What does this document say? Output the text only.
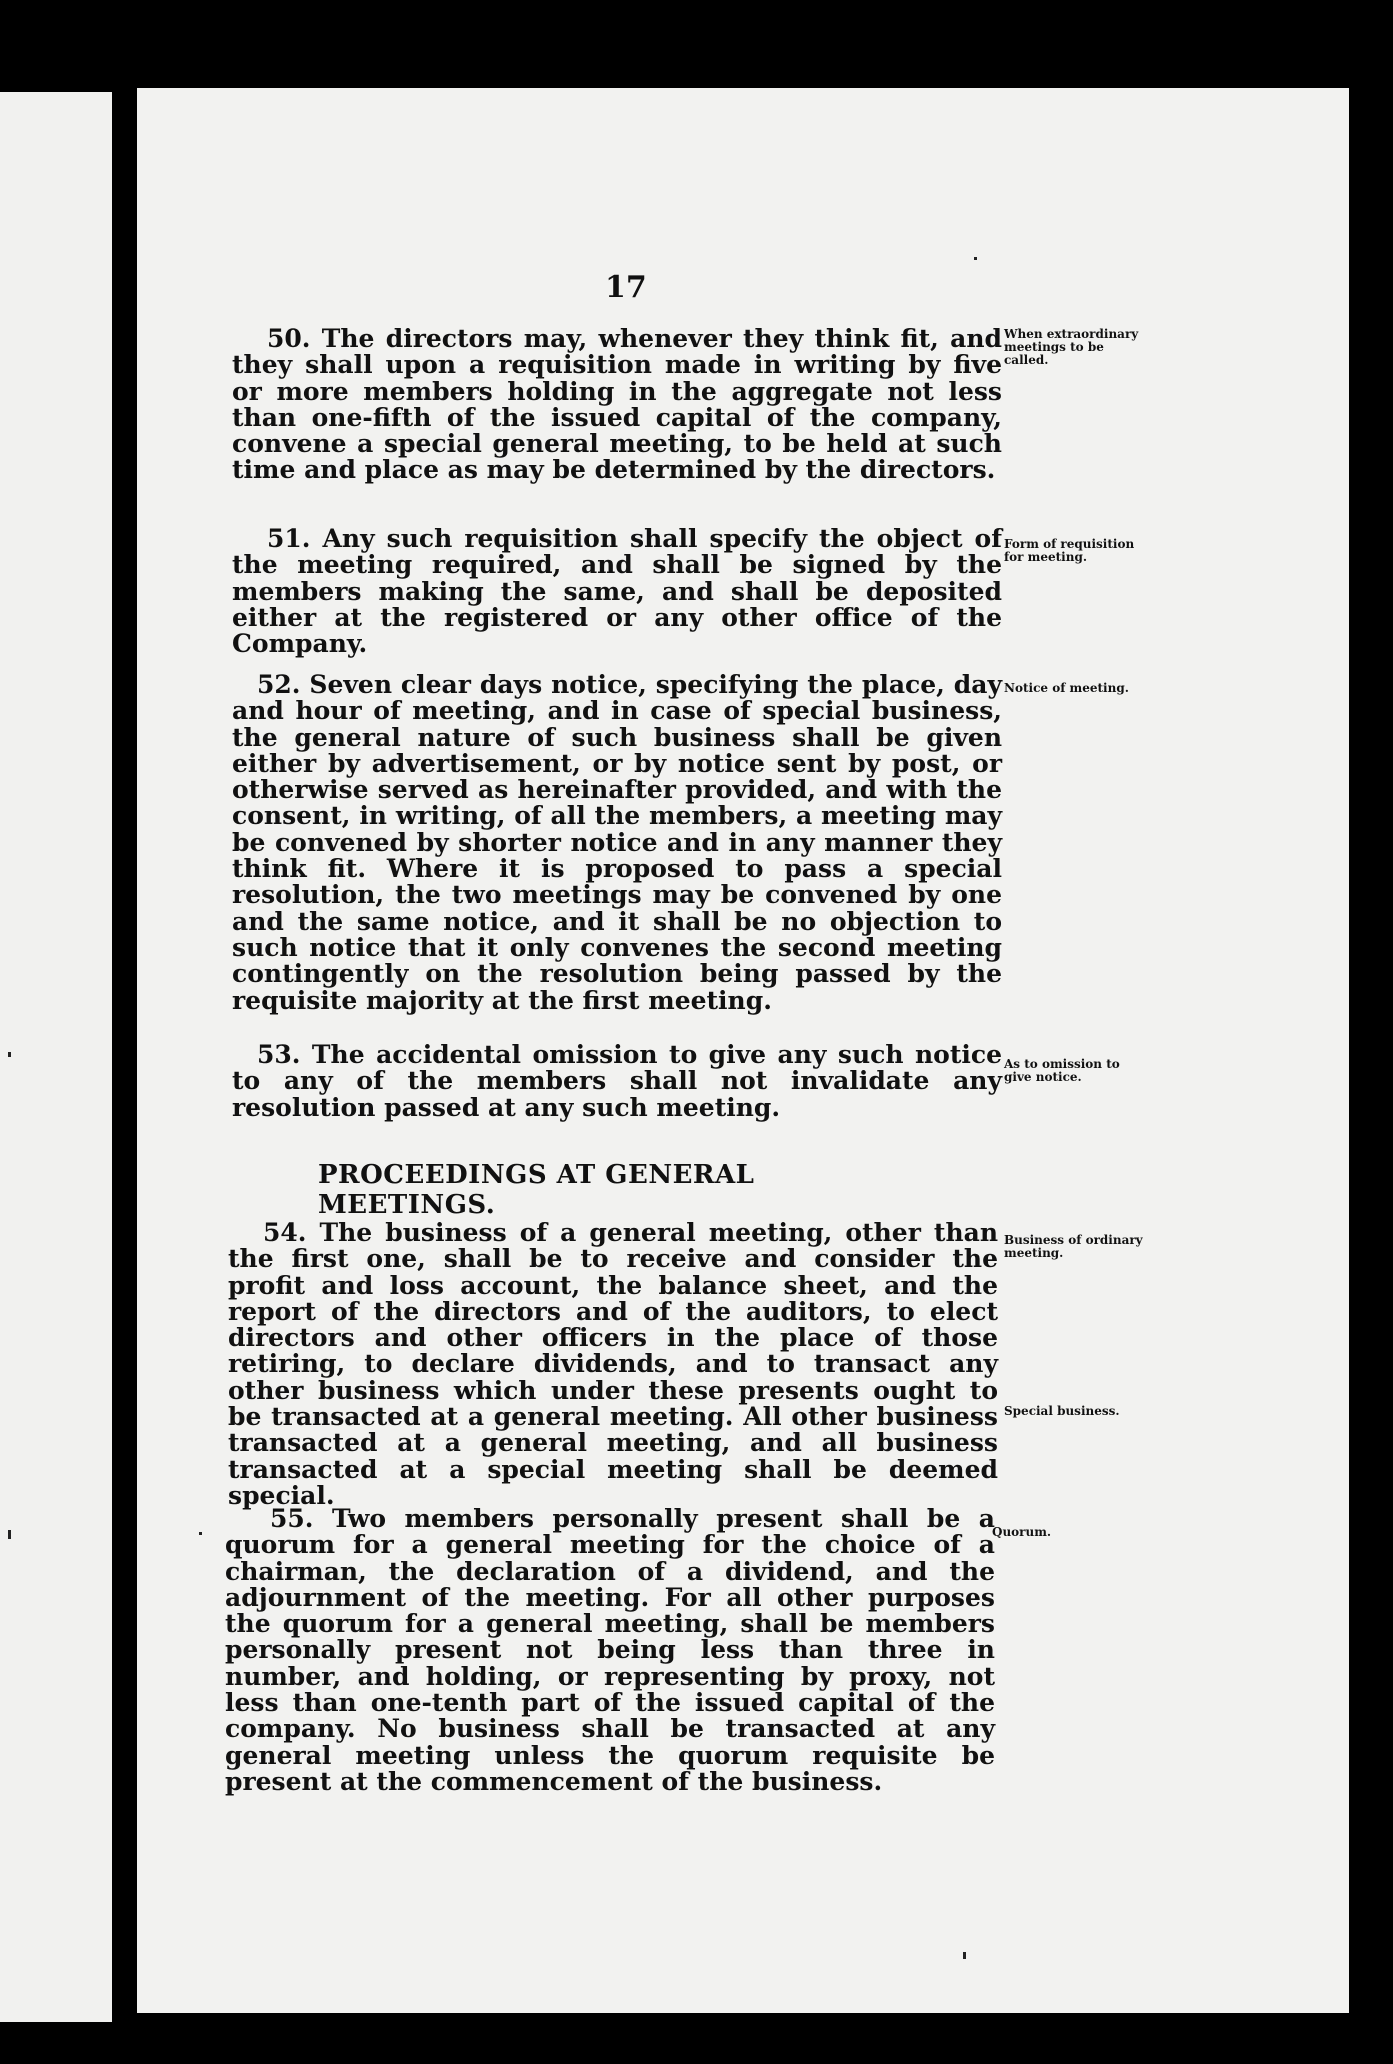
17

50. The directors may, whenever they think fit, and they shall upon a requisition made in writing by five or more members holding in the aggregate not less than one-fifth of the issued capital of the company, convene a special general meeting, to be held at such time and place as may be determined by the directors.

When extraordinary meetings to be called.

51. Any such requisition shall specify the object of the meeting required, and shall be signed by the members making the same, and shall be deposited either at the registered or any other office of the Company.

Form of requisition for meeting.

52. Seven clear days notice, specifying the place, day and hour of meeting, and in case of special business, the general nature of such business shall be given either by advertisement, or by notice sent by post, or otherwise served as hereinafter provided, and with the consent, in writing, of all the members, a meeting may be convened by shorter notice and in any manner they think fit. Where it is proposed to pass a special resolution, the two meetings may be convened by one and the same notice, and it shall be no objection to such notice that it only convenes the second meeting contingently on the resolution being passed by the requisite majority at the first meeting.

Notice of meeting.

53. The accidental omission to give any such notice to any of the members shall not invalidate any resolution passed at any such meeting.

As to omission to give notice.
PROCEEDINGS AT GENERAL MEETINGS.

54. The business of a general meeting, other than the first one, shall be to receive and consider the profit and loss account, the balance sheet, and the report of the directors and of the auditors, to elect directors and other officers in the place of those retiring, to declare dividends, and to transact any other business which under these presents ought to be transacted at a general meeting. All other business transacted at a general meeting, and all business transacted at a special meeting shall be deemed special.

Business of ordinary meeting.
Special business.

55. Two members personally present shall be a quorum for a general meeting for the choice of a chairman, the declaration of a dividend, and the adjournment of the meeting. For all other purposes the quorum for a general meeting, shall be members personally present not being less than three in number, and holding, or representing by proxy, not less than one-tenth part of the issued capital of the company. No business shall be transacted at any general meeting unless the quorum requisite be present at the commencement of the business.

Quorum.
